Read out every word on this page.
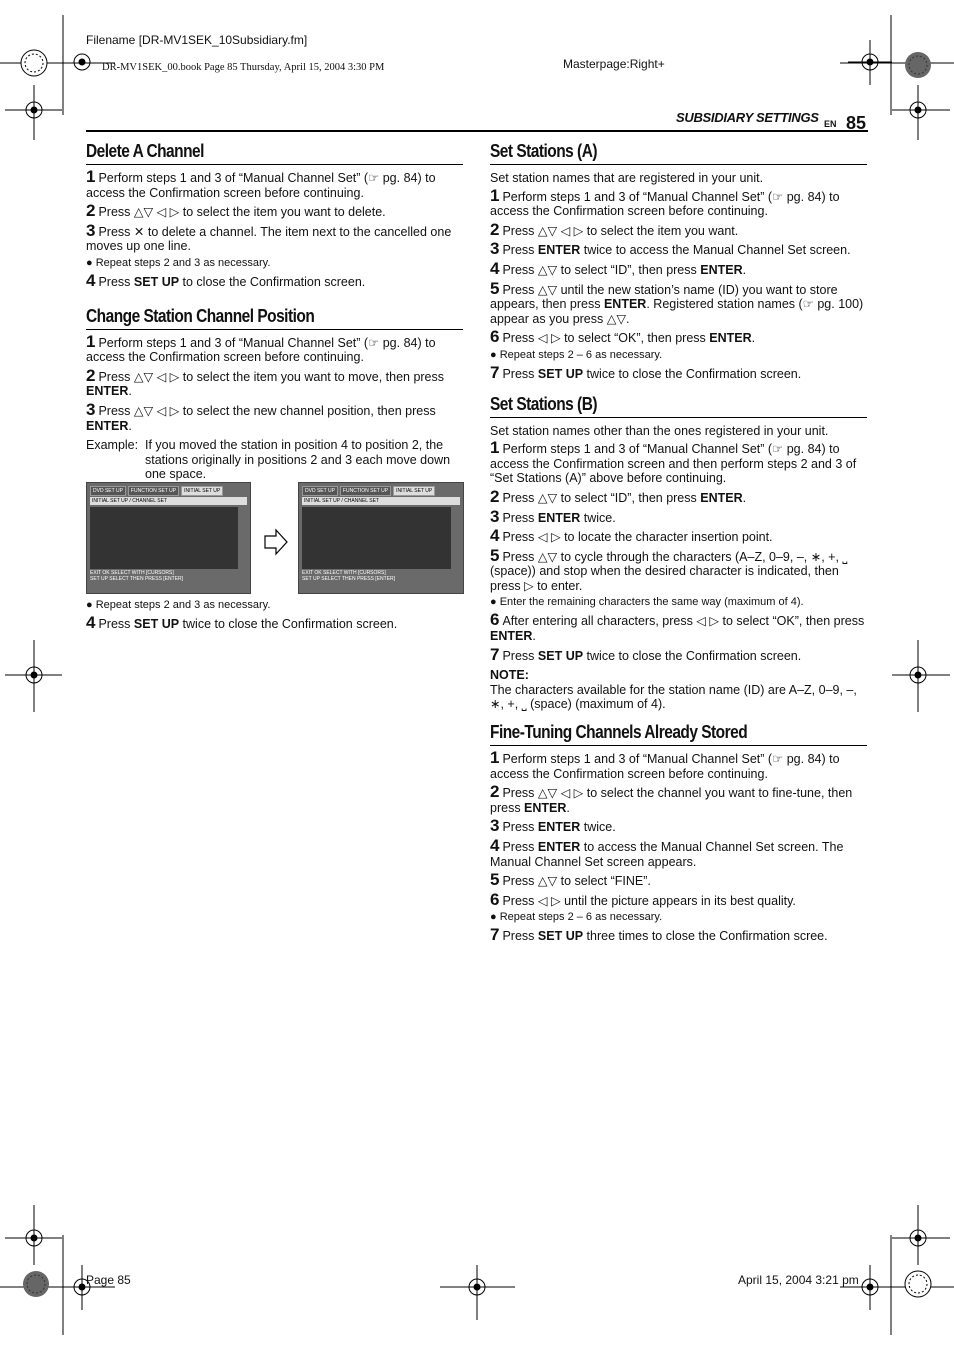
Filename [DR-MV1SEK_10Subsidiary.fm]
DR-MV1SEK_00.book Page 85 Thursday, April 15, 2004 3:30 PM	Masterpage:Right+
SUBSIDIARY SETTINGS EN 85
Delete A Channel
1 Perform steps 1 and 3 of “Manual Channel Set” (☞ pg. 84) to access the Confirmation screen before continuing.
2 Press △▽ ◁ ▷ to select the item you want to delete.
3 Press ✕ to delete a channel. The item next to the cancelled one moves up one line.
● Repeat steps 2 and 3 as necessary.
4 Press SET UP to close the Confirmation screen.
Change Station Channel Position
1 Perform steps 1 and 3 of “Manual Channel Set” (☞ pg. 84) to access the Confirmation screen before continuing.
2 Press △▽ ◁ ▷ to select the item you want to move, then press ENTER.
3 Press △▽ ◁ ▷ to select the new channel position, then press ENTER.
Example: If you moved the station in position 4 to position 2, the stations originally in positions 2 and 3 each move down one space.
DVD SET UP	FUNCTION SET UP	INITIAL SET UP
INITIAL SET UP / CHANNEL SET
EXIT OK SELECT WITH [CURSORS]
SET UP SELECT THEN PRESS [ENTER]
DVD SET UP	FUNCTION SET UP	INITIAL SET UP
INITIAL SET UP / CHANNEL SET
EXIT OK SELECT WITH [CURSORS]
SET UP SELECT THEN PRESS [ENTER]
● Repeat steps 2 and 3 as necessary.
4 Press SET UP twice to close the Confirmation screen.
Set Stations (A)
Set station names that are registered in your unit.
1 Perform steps 1 and 3 of “Manual Channel Set” (☞ pg. 84) to access the Confirmation screen before continuing.
2 Press △▽ ◁ ▷ to select the item you want.
3 Press ENTER twice to access the Manual Channel Set screen.
4 Press △▽ to select “ID”, then press ENTER.
5 Press △▽ until the new station’s name (ID) you want to store appears, then press ENTER. Registered station names (☞ pg. 100) appear as you press △▽.
6 Press ◁ ▷ to select “OK”, then press ENTER.
● Repeat steps 2 – 6 as necessary.
7 Press SET UP twice to close the Confirmation screen.
Set Stations (B)
Set station names other than the ones registered in your unit.
1 Perform steps 1 and 3 of “Manual Channel Set” (☞ pg. 84) to access the Confirmation screen and then perform steps 2 and 3 of “Set Stations (A)” above before continuing.
2 Press △▽ to select “ID”, then press ENTER.
3 Press ENTER twice.
4 Press ◁ ▷ to locate the character insertion point.
5 Press △▽ to cycle through the characters (A–Z, 0–9, –, ∗, +, ⎵ (space)) and stop when the desired character is indicated, then press ▷ to enter.
● Enter the remaining characters the same way (maximum of 4).
6 After entering all characters, press ◁ ▷ to select “OK”, then press ENTER.
7 Press SET UP twice to close the Confirmation screen.
NOTE:
The characters available for the station name (ID) are A–Z, 0–9, –, ∗, +, ⎵ (space) (maximum of 4).
Fine-Tuning Channels Already Stored
1 Perform steps 1 and 3 of “Manual Channel Set” (☞ pg. 84) to access the Confirmation screen before continuing.
2 Press △▽ ◁ ▷ to select the channel you want to fine-tune, then press ENTER.
3 Press ENTER twice.
4 Press ENTER to access the Manual Channel Set screen. The Manual Channel Set screen appears.
5 Press △▽ to select “FINE”.
6 Press ◁ ▷ until the picture appears in its best quality.
● Repeat steps 2 – 6 as necessary.
7 Press SET UP three times to close the Confirmation scree.
Page 85	April 15, 2004 3:21 pm
